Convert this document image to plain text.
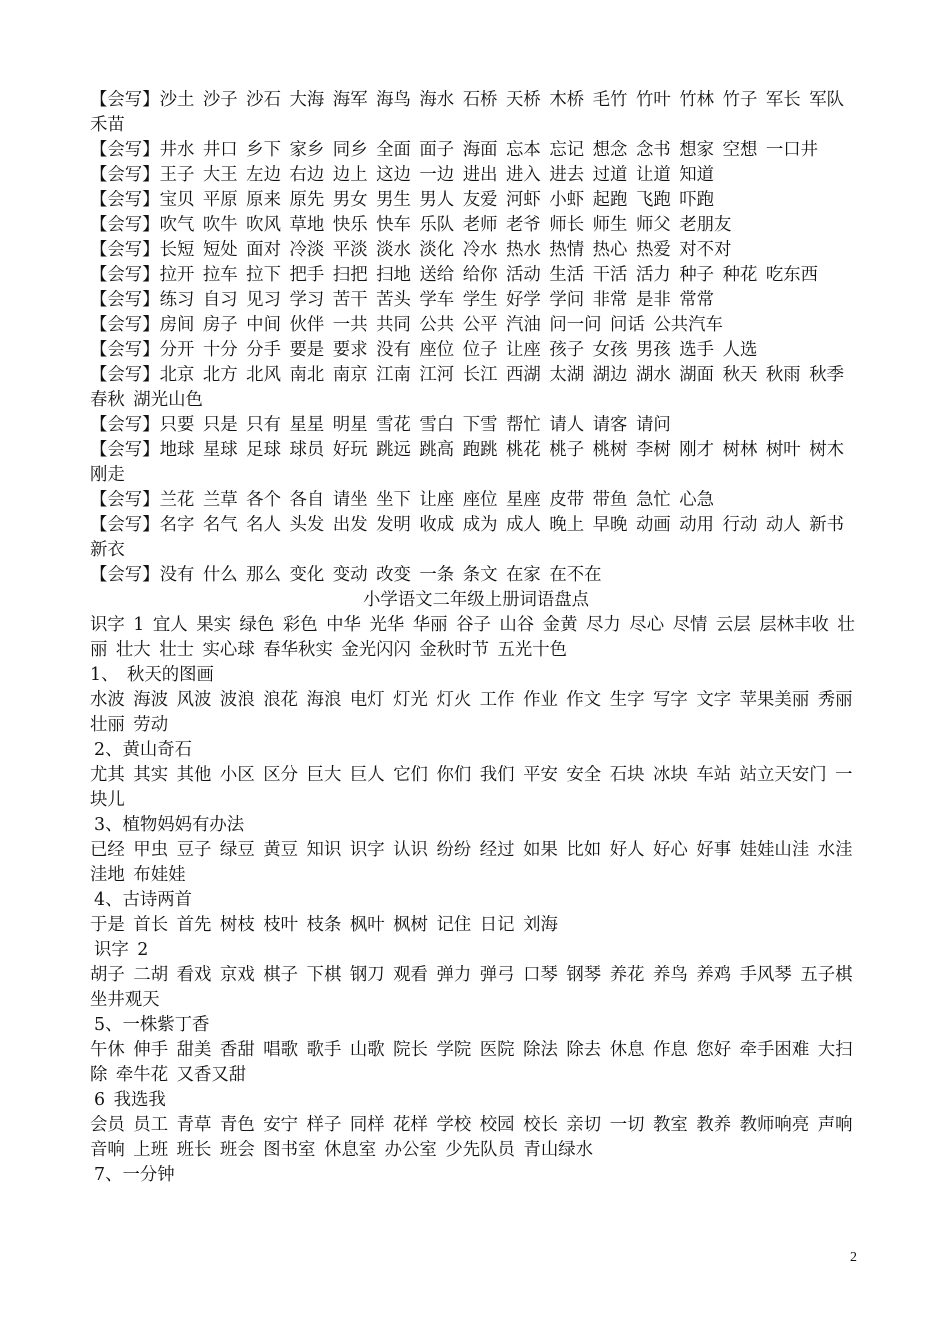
【会写】沙土 沙子 沙石 大海 海军 海鸟 海水 石桥 天桥 木桥 毛竹 竹叶 竹林 竹子 军长 军队 禾苗

【会写】井水 井口 乡下 家乡 同乡 全面 面子 海面 忘本 忘记 想念 念书 想家 空想 一口井

【会写】王子 大王 左边 右边 边上 这边 一边 进出 进入 进去 过道 让道 知道

【会写】宝贝 平原 原来 原先 男女 男生 男人 友爱 河虾 小虾 起跑 飞跑 吓跑

【会写】吹气 吹牛 吹风 草地 快乐 快车 乐队 老师 老爷 师长 师生 师父 老朋友

【会写】长短 短处 面对 冷淡 平淡 淡水 淡化 冷水 热水 热情 热心 热爱 对不对

【会写】拉开 拉车 拉下 把手 扫把 扫地 送给 给你 活动 生活 干活 活力 种子 种花 吃东西

【会写】练习 自习 见习 学习 苦干 苦头 学车 学生 好学 学问 非常 是非 常常

【会写】房间 房子 中间 伙伴 一共 共同 公共 公平 汽油 问一问 问话 公共汽车

【会写】分开 十分 分手 要是 要求 没有 座位 位子 让座 孩子 女孩 男孩 选手 人选

【会写】北京 北方 北风 南北 南京 江南 江河 长江 西湖 太湖 湖边 湖水 湖面 秋天 秋雨 秋季 春秋 湖光山色

【会写】只要 只是 只有 星星 明星 雪花 雪白 下雪 帮忙 请人 请客 请问

【会写】地球 星球 足球 球员 好玩 跳远 跳高 跑跳 桃花 桃子 桃树 李树 刚才 树林 树叶 树木 刚走

【会写】兰花 兰草 各个 各自 请坐 坐下 让座 座位 星座 皮带 带鱼 急忙 心急

【会写】名字 名气 名人 头发 出发 发明 收成 成为 成人 晚上 早晚 动画 动用 行动 动人 新书 新衣

【会写】没有 什么 那么 变化 变动 改变 一条 条文 在家 在不在

小学语文二年级上册词语盘点

识字 1 宜人 果实 绿色 彩色 中华 光华 华丽 谷子 山谷 金黄 尽力 尽心 尽情 云层 层林丰收 壮丽 壮大 壮士 实心球 春华秋实 金光闪闪 金秋时节 五光十色

1、 秋天的图画

水波 海波 风波 波浪 浪花 海浪 电灯 灯光 灯火 工作 作业 作文 生字 写字 文字 苹果美丽 秀丽 壮丽 劳动

2、黄山奇石

尤其 其实 其他 小区 区分 巨大 巨人 它们 你们 我们 平安 安全 石块 冰块 车站 站立天安门 一块儿

3、植物妈妈有办法

已经 甲虫 豆子 绿豆 黄豆 知识 识字 认识 纷纷 经过 如果 比如 好人 好心 好事 娃娃山洼 水洼 洼地 布娃娃

4、古诗两首

于是 首长 首先 树枝 枝叶 枝条 枫叶 枫树 记住 日记 刘海

识字 2

胡子 二胡 看戏 京戏 棋子 下棋 钢刀 观看 弹力 弹弓 口琴 钢琴 养花 养鸟 养鸡 手风琴 五子棋 坐井观天

5、一株紫丁香

午休 伸手 甜美 香甜 唱歌 歌手 山歌 院长 学院 医院 除法 除去 休息 作息 您好 牵手困难 大扫除 牵牛花 又香又甜

6 我选我

会员 员工 青草 青色 安宁 样子 同样 花样 学校 校园 校长 亲切 一切 教室 教养 教师响亮 声响 音响 上班 班长 班会 图书室 休息室 办公室 少先队员 青山绿水

7、一分钟

2
